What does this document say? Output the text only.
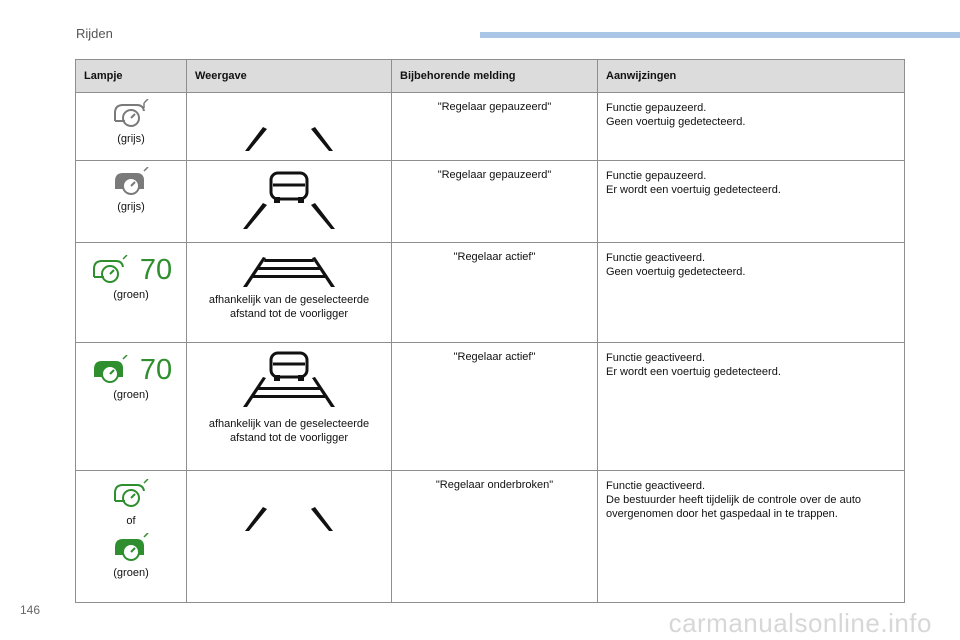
Rijden
Lampje	Weergave	Bijbehorende melding	Aanwijzingen

(grijs)		"Regelaar gepauzeerd"	Functie gepauzeerd.
Geen voertuig gedetecteerd.

(grijs)		"Regelaar gepauzeerd"	Functie gepauzeerd.
Er wordt een voertuig gedetecteerd.

70
(groen)	afhankelijk van de geselecteerde afstand tot de voorligger	"Regelaar actief"	Functie geactiveerd.
Geen voertuig gedetecteerd.

70
(groen)	afhankelijk van de geselecteerde afstand tot de voorligger	"Regelaar actief"	Functie geactiveerd.
Er wordt een voertuig gedetecteerd.

of
(groen)		"Regelaar onderbroken"	Functie geactiveerd.
De bestuurder heeft tijdelijk de controle over de auto overgenomen door het gaspedaal in te trappen.
146	carmanualsonline.info
